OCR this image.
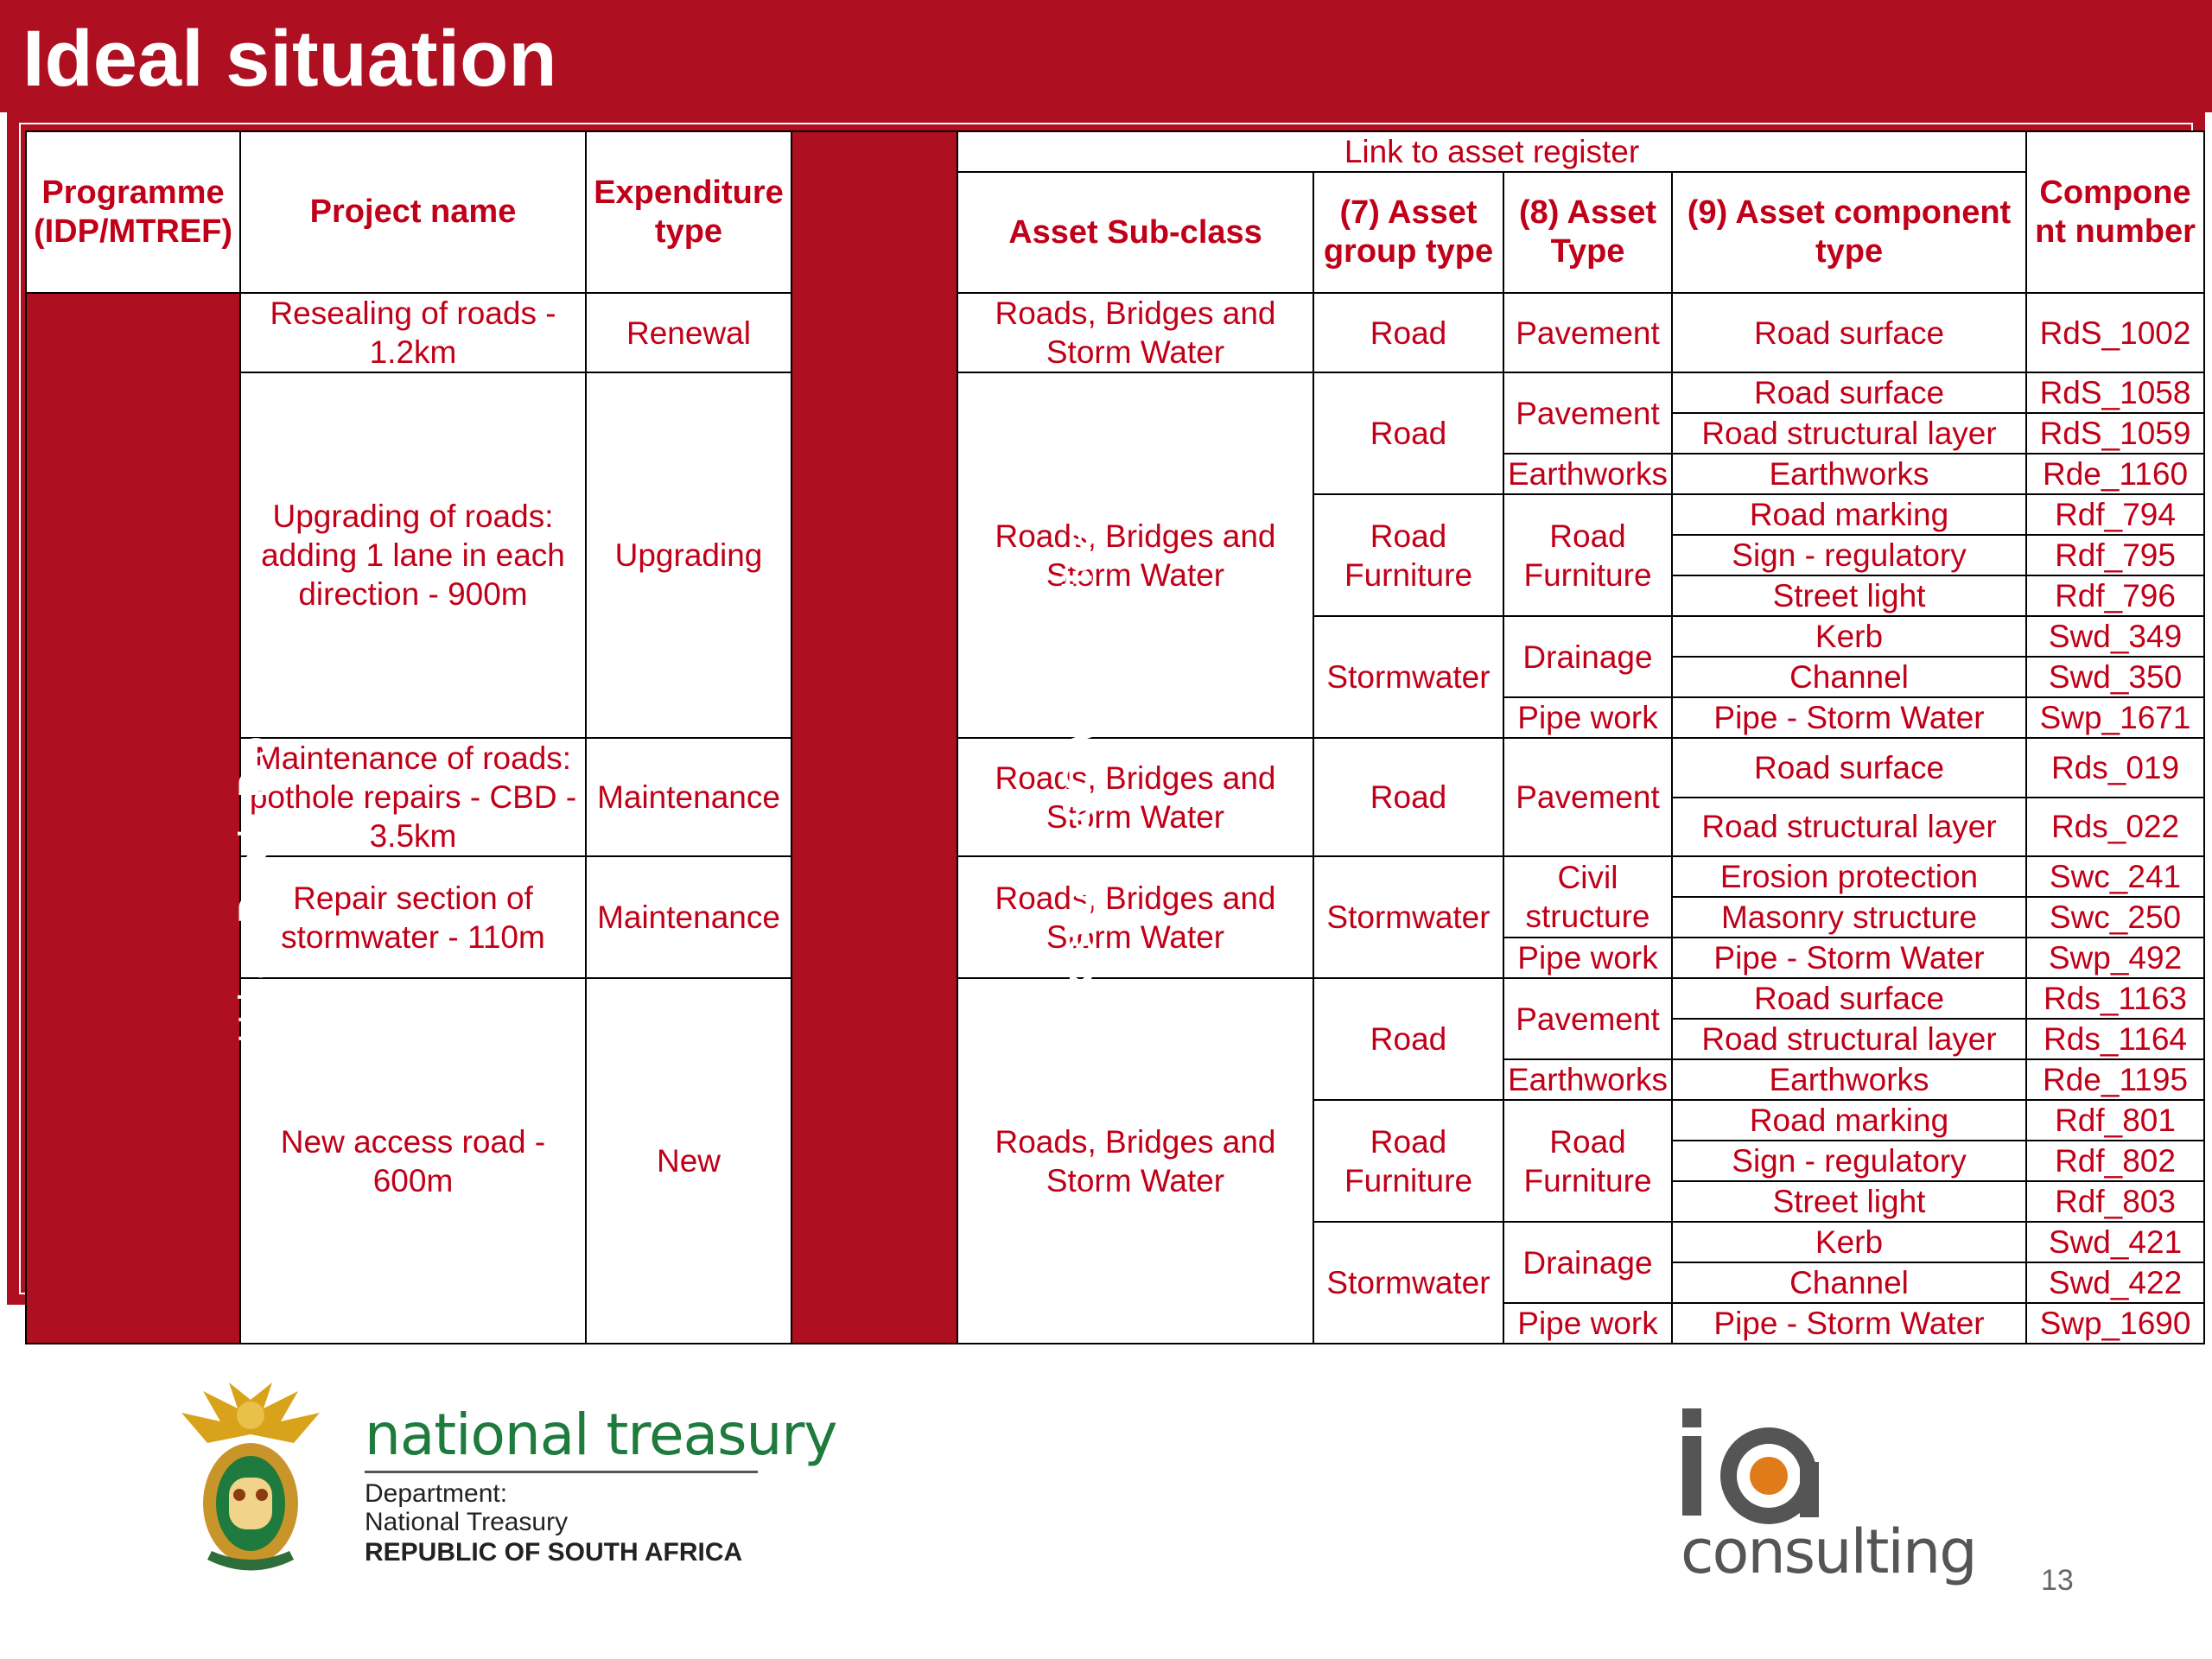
Ideal situation
Programme (IDP/MTREF)	Project name	Expenditure type	Existing SCOA Classification	Link to asset register				Compone nt number
				Asset Sub-class	(7) Asset group type	(8) Asset Type	(9) Asset component type	
Urban Roads Programme	Resealing of roads - 1.2km	Renewal		Roads, Bridges and Storm Water	Road	Pavement	Road surface	RdS_1002
	Upgrading of roads: adding 1 lane in each direction - 900m	Upgrading		Roads, Bridges and Storm Water	Road	Pavement	Road surface	RdS_1058
							Road structural layer	RdS_1059
						Earthworks	Earthworks	Rde_1160
					Road Furniture	Road Furniture	Road marking	Rdf_794
							Sign - regulatory	Rdf_795
							Street light	Rdf_796
					Stormwater	Drainage	Kerb	Swd_349
							Channel	Swd_350
						Pipe work	Pipe - Storm Water	Swp_1671
	Maintenance of roads: pothole repairs - CBD - 3.5km	Maintenance		Roads, Bridges and Storm Water	Road	Pavement	Road surface	Rds_019
							Road structural layer	Rds_022
	Repair section of stormwater - 110m	Maintenance		Roads, Bridges and Storm Water	Stormwater	Civil structure	Erosion protection	Swc_241
							Masonry structure	Swc_250
						Pipe work	Pipe - Storm Water	Swp_492
	New access road - 600m	New		Roads, Bridges and Storm Water	Road	Pavement	Road surface	Rds_1163
							Road structural layer	Rds_1164
						Earthworks	Earthworks	Rde_1195
					Road Furniture	Road Furniture	Road marking	Rdf_801
							Sign - regulatory	Rdf_802
							Street light	Rdf_803
					Stormwater	Drainage	Kerb	Swd_421
							Channel	Swd_422
						Pipe work	Pipe - Storm Water	Swp_1690
national treasury
Department:
National Treasury
REPUBLIC OF SOUTH AFRICA	consulting 13
